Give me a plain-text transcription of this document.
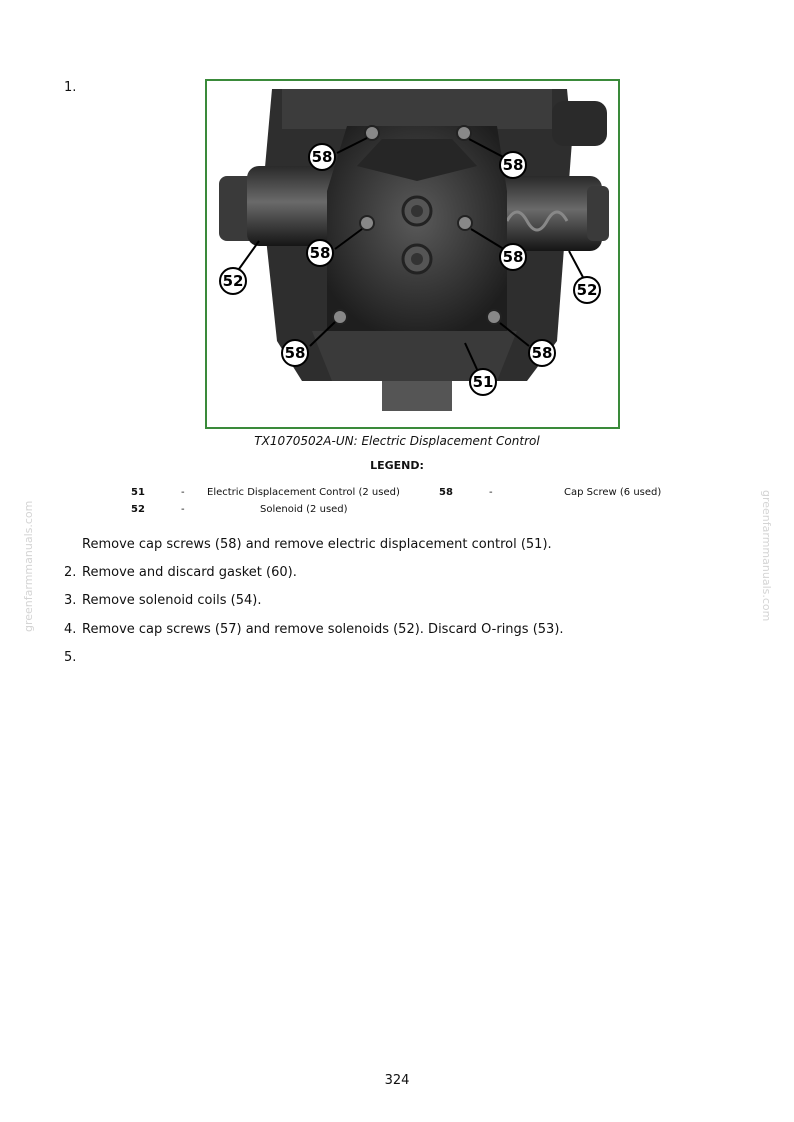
1.
58	58
58	58
58	58
52	52
51
TX1070502A-UN: Electric Displacement Control
LEGEND:
51	- Electric Displacement Control (2 used)	58	-	Cap Screw (6 used)
52	-	Solenoid (2 used)
Remove cap screws (58) and remove electric displacement control (51).
2. Remove and discard gasket (60).
3. Remove solenoid coils (54).
4. Remove cap screws (57) and remove solenoids (52). Discard O-rings (53).
5.
greenfarmmanuals.com	greenfarmmanuals.com
324
